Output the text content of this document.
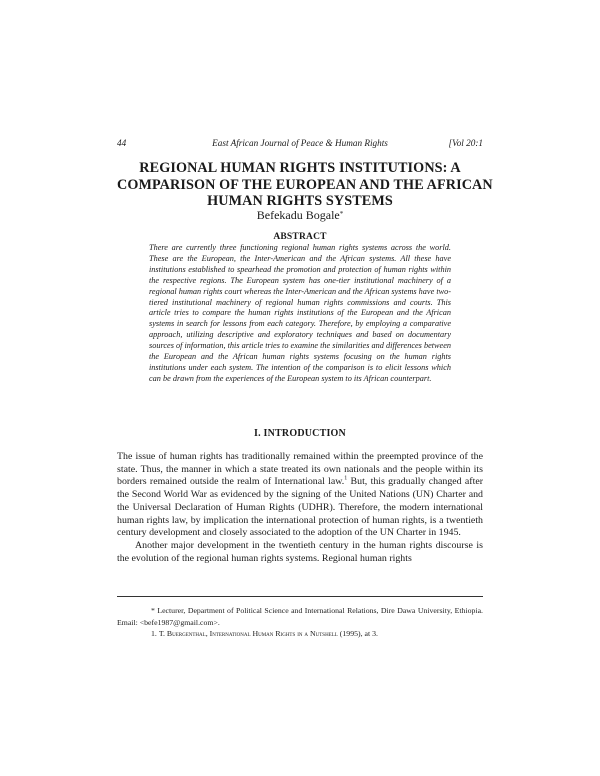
44	East African Journal of Peace & Human Rights	[Vol 20:1
REGIONAL HUMAN RIGHTS INSTITUTIONS: A
COMPARISON OF THE EUROPEAN AND THE AFRICAN
HUMAN RIGHTS SYSTEMS
Befekadu Bogale*
ABSTRACT

There are currently three functioning regional human rights systems across the world. These are the European, the Inter-American and the African systems. All these have institutions established to spearhead the promotion and protection of human rights within the respective regions. The European system has one-tier institutional machinery of a regional human rights court whereas the Inter-American and the African systems have two-tiered institutional machinery of regional human rights commissions and courts. This article tries to compare the human rights institutions of the European and the African systems in search for lessons from each category. Therefore, by employing a comparative approach, utilizing descriptive and exploratory techniques and based on documentary sources of information, this article tries to examine the similarities and differences between the European and the African human rights systems focusing on the human rights institutions under each system. The intention of the comparison is to elicit lessons which can be drawn from the experiences of the European system to its African counterpart.

I. INTRODUCTION

The issue of human rights has traditionally remained within the preempted province of the state. Thus, the manner in which a state treated its own nationals and the people within its borders remained outside the realm of International law.$^1$ But, this gradually changed after the Second World War as evidenced by the signing of the United Nations (UN) Charter and the Universal Declaration of Human Rights (UDHR). Therefore, the modern international human rights law, by implication the international protection of human rights, is a twentieth century development and closely associated to the adoption of the UN Charter in 1945.

Another major development in the twentieth century in the human rights discourse is the evolution of the regional human rights systems. Regional human rights

* Lecturer, Department of Political Science and International Relations, Dire Dawa University, Ethiopia. Email: <befe1987@gmail.com>.

1. T. Buergenthal, International Human Rights in a Nutshell (1995), at 3.
